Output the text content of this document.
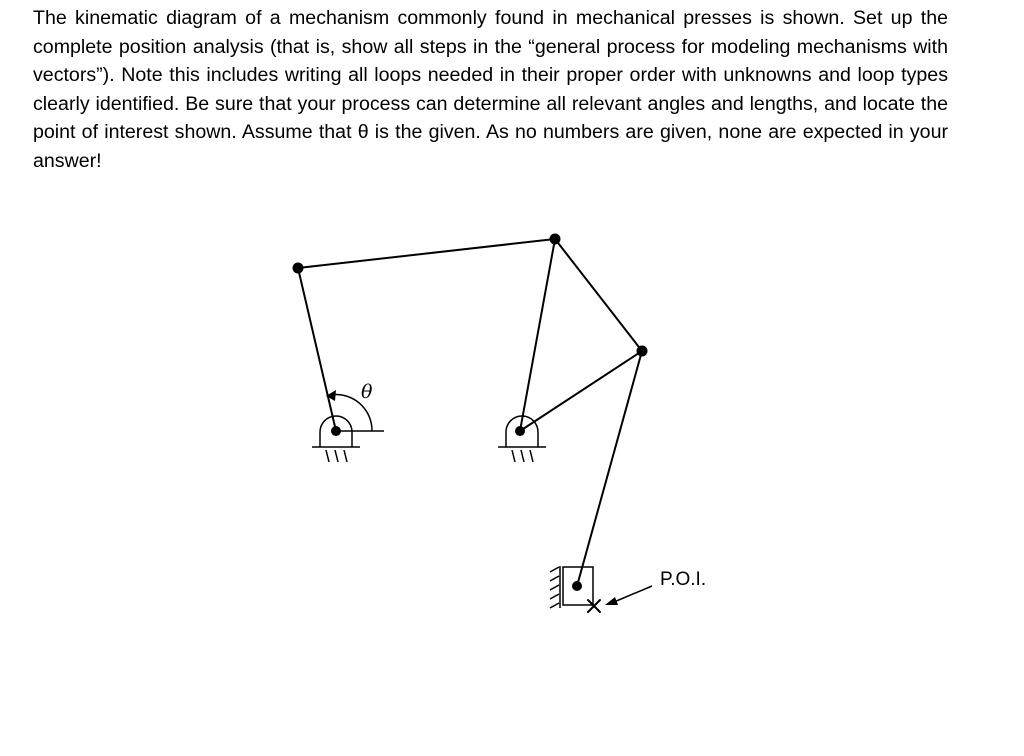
The kinematic diagram of a mechanism commonly found in mechanical presses is shown. Set up the complete position analysis (that is, show all steps in the “general process for modeling mechanisms with vectors”). Note this includes writing all loops needed in their proper order with unknowns and loop types clearly identified. Be sure that your process can determine all relevant angles and lengths, and locate the point of interest shown. Assume that θ is the given. As no numbers are given, none are expected in your answer!

θ
P.O.I.
